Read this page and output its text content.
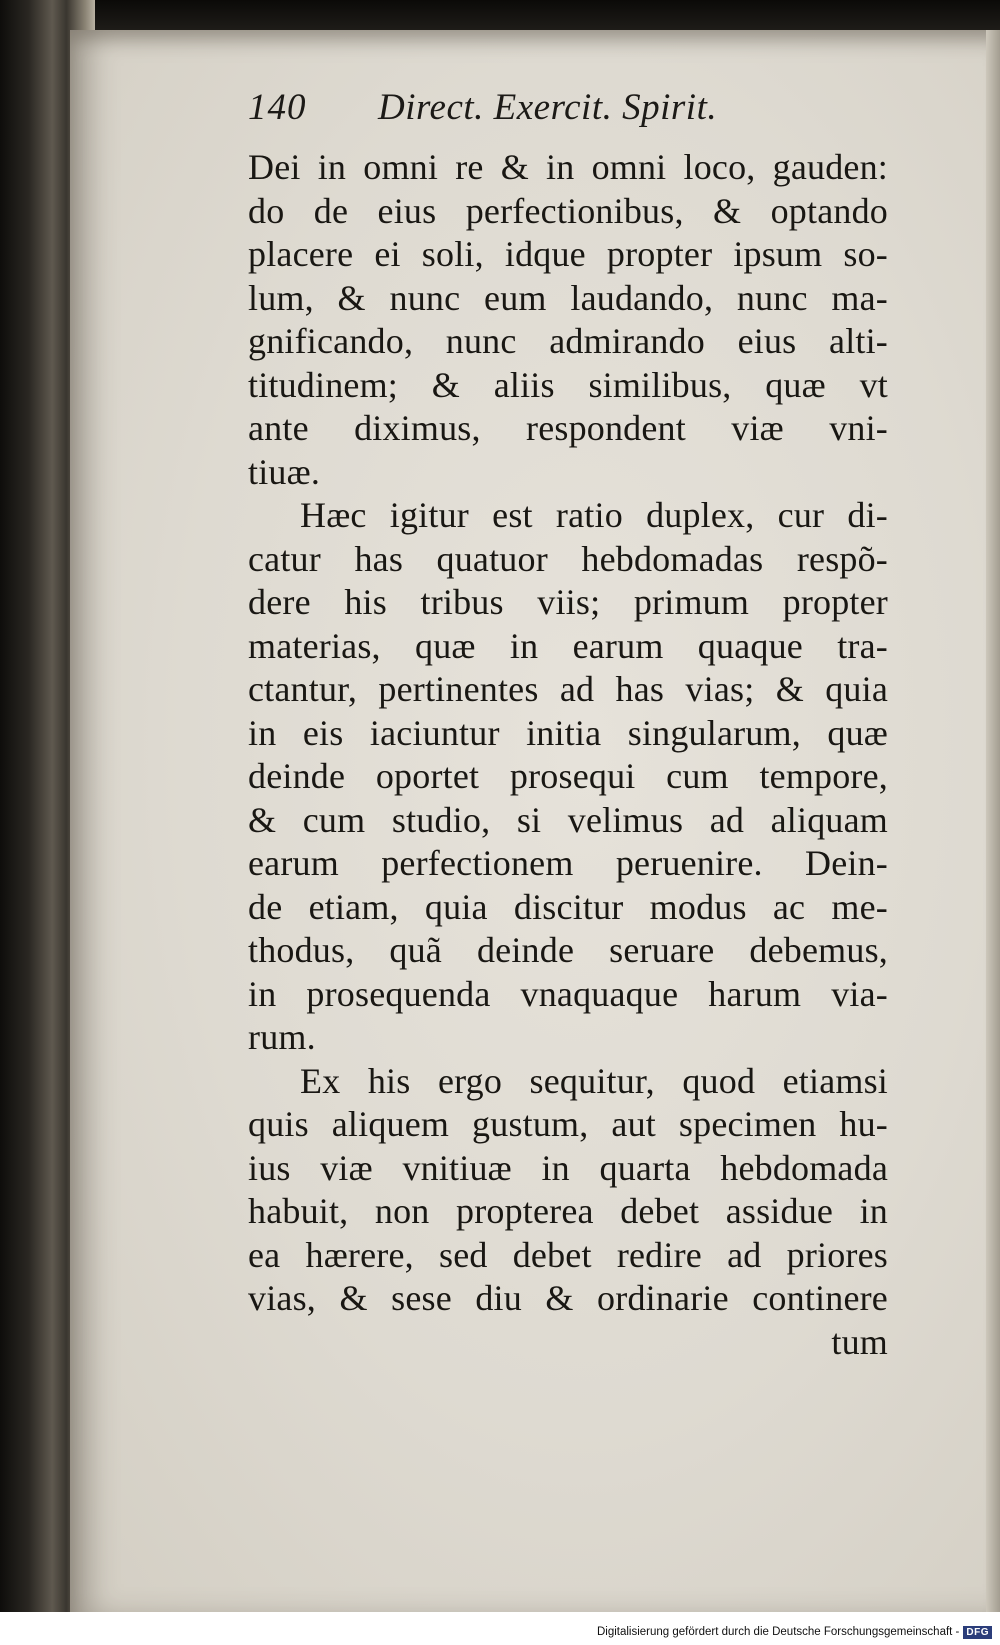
140 Direct. Exercit. Spirit.
Dei in omni re & in omni loco, gauden:
do de eius perfectionibus, & optando
placere ei soli, idque propter ipsum so-
lum, & nunc eum laudando, nunc ma-
gnificando, nunc admirando eius alti-
titudinem; & aliis similibus, quæ vt
ante diximus, respondent viæ vni-
tiuæ.
Hæc igitur est ratio duplex, cur di-
catur has quatuor hebdomadas respõ-
dere his tribus viis; primum propter
materias, quæ in earum quaque tra-
ctantur, pertinentes ad has vias; & quia
in eis iaciuntur initia singularum, quæ
deinde oportet prosequi cum tempore,
& cum studio, si velimus ad aliquam
earum perfectionem peruenire. Dein-
de etiam, quia discitur modus ac me-
thodus, quã deinde seruare debemus,
in prosequenda vnaquaque harum via-
rum.
Ex his ergo sequitur, quod etiamsi
quis aliquem gustum, aut specimen hu-
ius viæ vnitiuæ in quarta hebdomada
habuit, non propterea debet assidue in
ea hærere, sed debet redire ad priores
vias, & sese diu & ordinarie continere
tum
Digitalisierung gefördert durch die Deutsche Forschungsgemeinschaft - DFG
